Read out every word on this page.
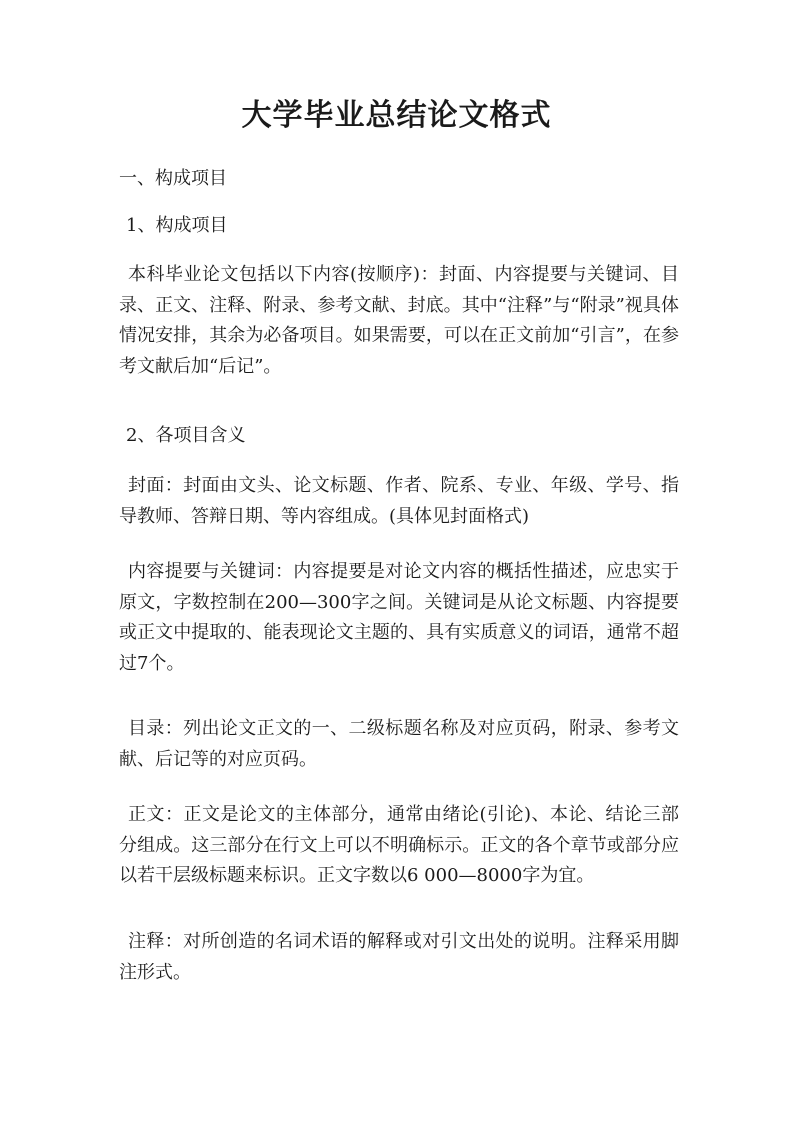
大学毕业总结论文格式
一、构成项目
1、构成项目
本科毕业论文包括以下内容(按顺序)：封面、内容提要与关键词、目录、正文、注释、附录、参考文献、封底。其中“注释”与“附录”视具体情况安排，其余为必备项目。如果需要，可以在正文前加“引言”，在参考文献后加“后记”。
2、各项目含义
封面：封面由文头、论文标题、作者、院系、专业、年级、学号、指导教师、答辩日期、等内容组成。(具体见封面格式)
内容提要与关键词：内容提要是对论文内容的概括性描述，应忠实于原文，字数控制在200—300字之间。关键词是从论文标题、内容提要或正文中提取的、能表现论文主题的、具有实质意义的词语，通常不超过7个。
目录：列出论文正文的一、二级标题名称及对应页码，附录、参考文献、后记等的对应页码。
正文：正文是论文的主体部分，通常由绪论(引论)、本论、结论三部分组成。这三部分在行文上可以不明确标示。正文的各个章节或部分应以若干层级标题来标识。正文字数以6 000—8000字为宜。
注释：对所创造的名词术语的解释或对引文出处的说明。注释采用脚注形式。
